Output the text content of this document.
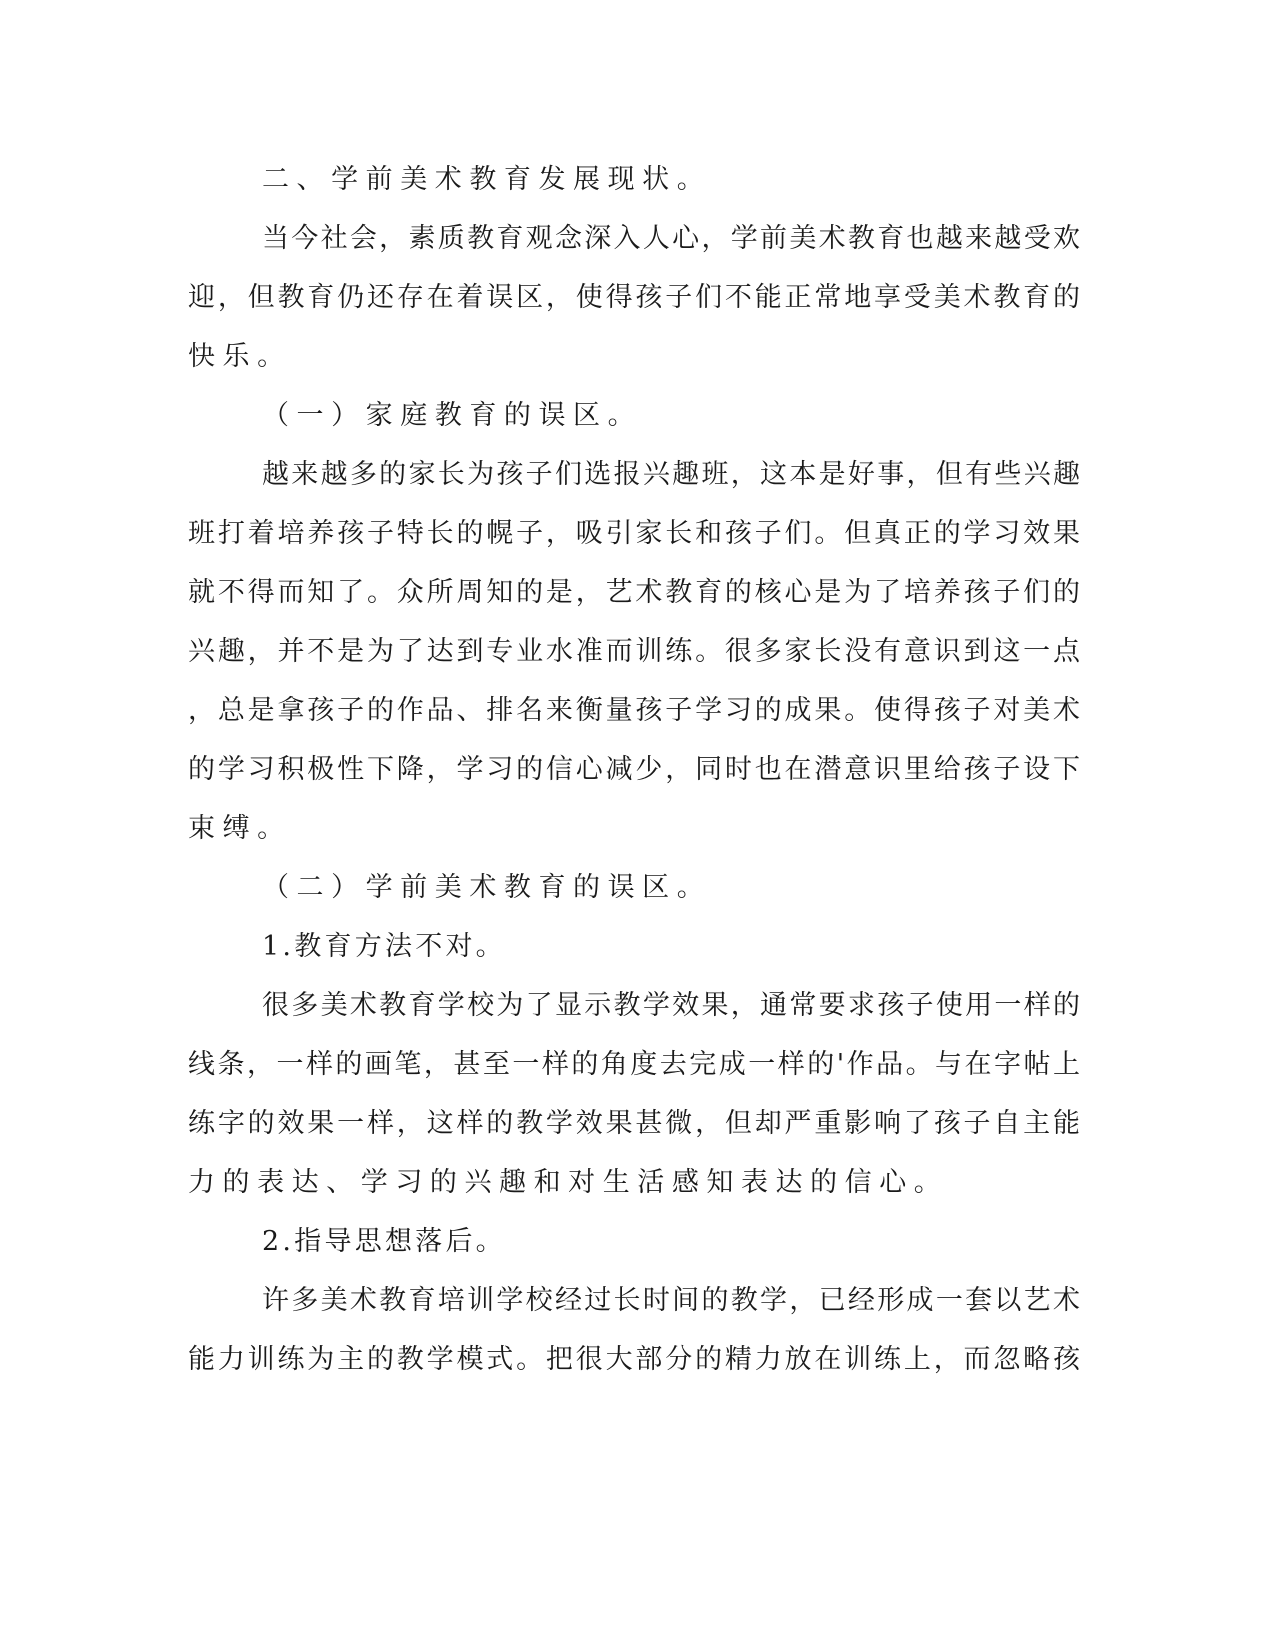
二、学前美术教育发展现状。
当今社会，素质教育观念深入人心，学前美术教育也越来越受欢
迎，但教育仍还存在着误区，使得孩子们不能正常地享受美术教育的
快乐。
（一）家庭教育的误区。
越来越多的家长为孩子们选报兴趣班，这本是好事，但有些兴趣
班打着培养孩子特长的幌子，吸引家长和孩子们。但真正的学习效果
就不得而知了。众所周知的是，艺术教育的核心是为了培养孩子们的
兴趣，并不是为了达到专业水准而训练。很多家长没有意识到这一点
，总是拿孩子的作品、排名来衡量孩子学习的成果。使得孩子对美术
的学习积极性下降，学习的信心减少，同时也在潜意识里给孩子设下
束缚。
（二）学前美术教育的误区。
1.教育方法不对。
很多美术教育学校为了显示教学效果，通常要求孩子使用一样的
线条，一样的画笔，甚至一样的角度去完成一样的'作品。与在字帖上
练字的效果一样，这样的教学效果甚微，但却严重影响了孩子自主能
力的表达、学习的兴趣和对生活感知表达的信心。
2.指导思想落后。
许多美术教育培训学校经过长时间的教学，已经形成一套以艺术
能力训练为主的教学模式。把很大部分的精力放在训练上，而忽略孩
